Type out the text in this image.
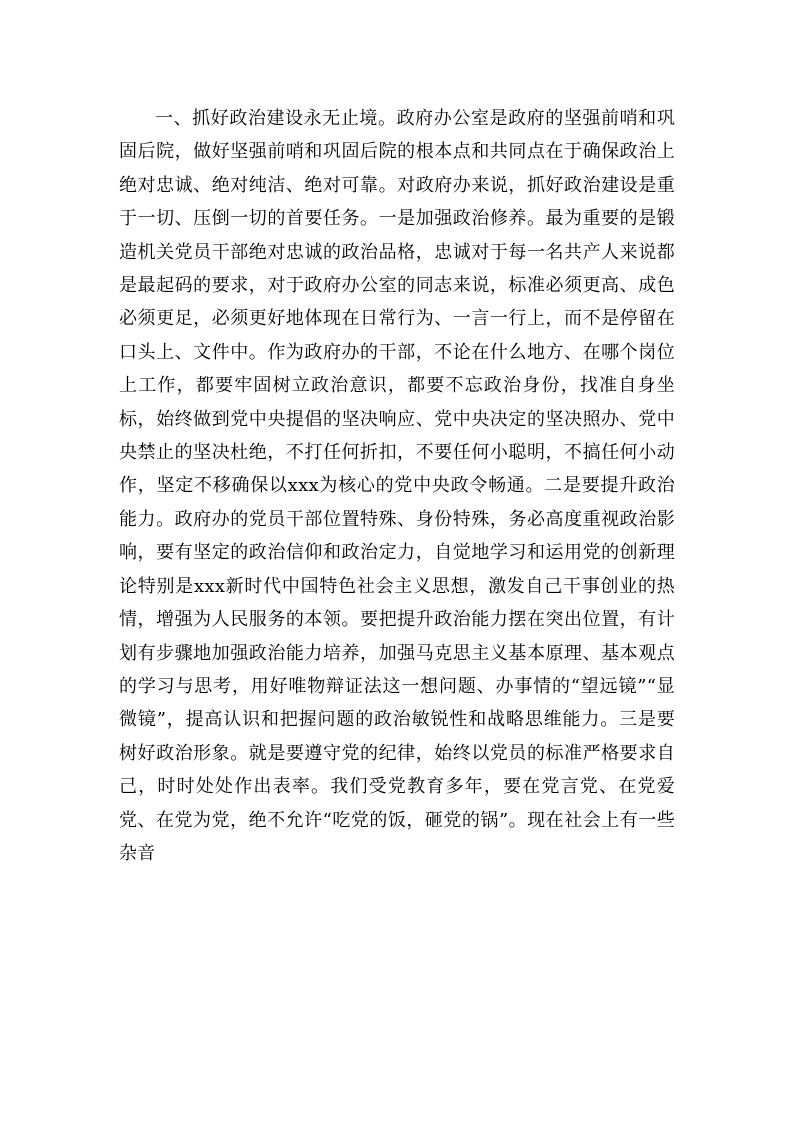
一、抓好政治建设永无止境。政府办公室是政府的坚强前哨和巩固后院，做好坚强前哨和巩固后院的根本点和共同点在于确保政治上绝对忠诚、绝对纯洁、绝对可靠。对政府办来说，抓好政治建设是重于一切、压倒一切的首要任务。一是加强政治修养。最为重要的是锻造机关党员干部绝对忠诚的政治品格，忠诚对于每一名共产人来说都是最起码的要求，对于政府办公室的同志来说，标准必须更高、成色必须更足，必须更好地体现在日常行为、一言一行上，而不是停留在口头上、文件中。作为政府办的干部，不论在什么地方、在哪个岗位上工作，都要牢固树立政治意识，都要不忘政治身份，找准自身坐标，始终做到党中央提倡的坚决响应、党中央决定的坚决照办、党中央禁止的坚决杜绝，不打任何折扣，不要任何小聪明，不搞任何小动作，坚定不移确保以xxx为核心的党中央政令畅通。二是要提升政治能力。政府办的党员干部位置特殊、身份特殊，务必高度重视政治影响，要有坚定的政治信仰和政治定力，自觉地学习和运用党的创新理论特别是xxx新时代中国特色社会主义思想，激发自己干事创业的热情，增强为人民服务的本领。要把提升政治能力摆在突出位置，有计划有步骤地加强政治能力培养，加强马克思主义基本原理、基本观点的学习与思考，用好唯物辩证法这一想问题、办事情的“望远镜”“显微镜”，提高认识和把握问题的政治敏锐性和战略思维能力。三是要树好政治形象。就是要遵守党的纪律，始终以党员的标准严格要求自己，时时处处作出表率。我们受党教育多年，要在党言党、在党爱党、在党为党，绝不允许“吃党的饭，砸党的锅”。现在社会上有一些杂音
